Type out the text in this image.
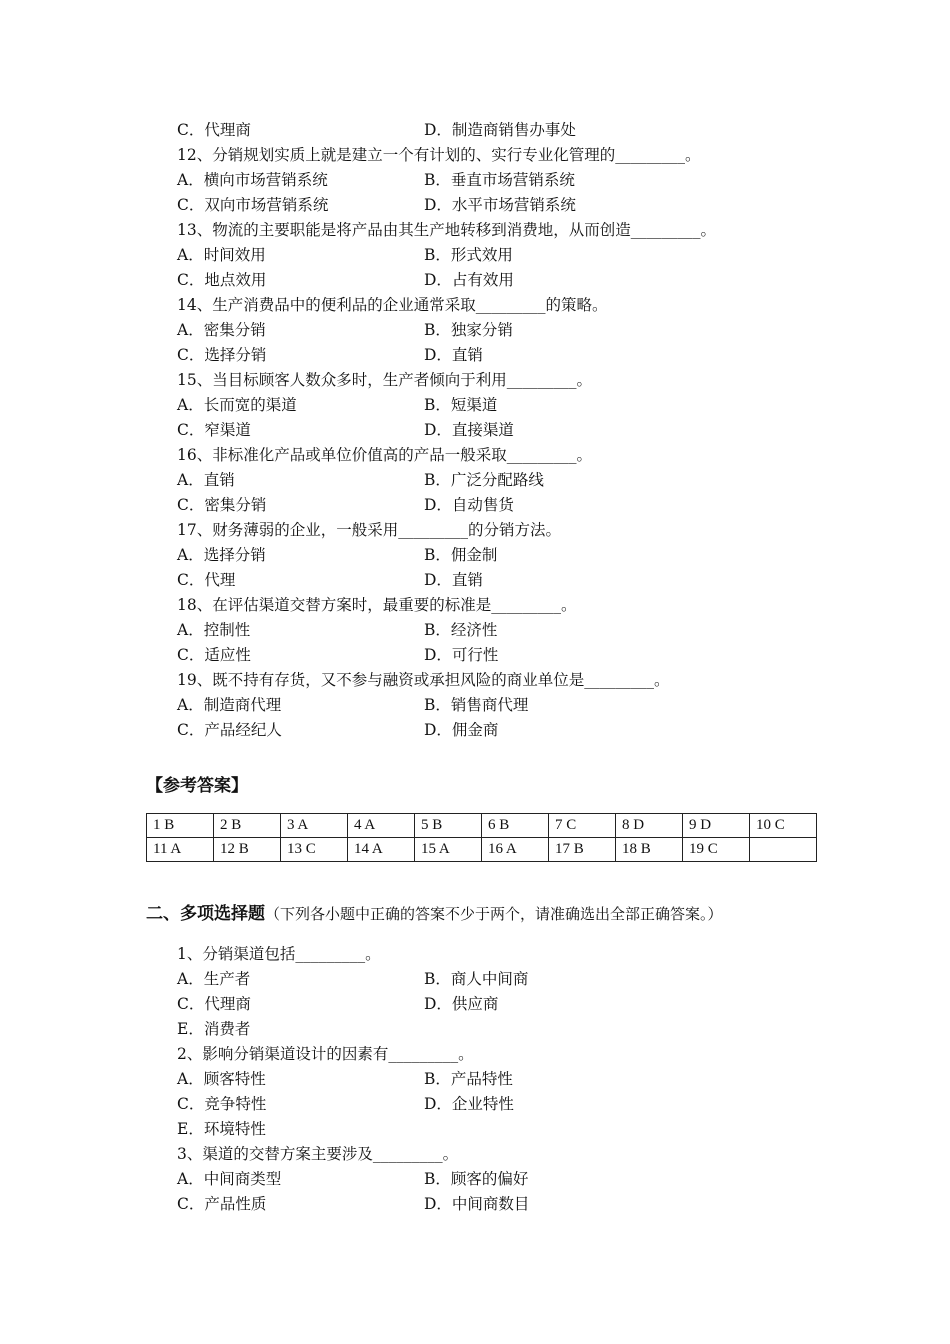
C．代理商	D．制造商销售办事处
12、分销规划实质上就是建立一个有计划的、实行专业化管理的_________。
A．横向市场营销系统	B．垂直市场营销系统
C．双向市场营销系统	D．水平市场营销系统
13、物流的主要职能是将产品由其生产地转移到消费地，从而创造_________。
A．时间效用	B．形式效用
C．地点效用	D．占有效用
14、生产消费品中的便利品的企业通常采取_________的策略。
A．密集分销	B．独家分销
C．选择分销	D．直销
15、当目标顾客人数众多时，生产者倾向于利用_________。
A．长而宽的渠道	B．短渠道
C．窄渠道	D．直接渠道
16、非标准化产品或单位价值高的产品一般采取_________。
A．直销	B．广泛分配路线
C．密集分销	D．自动售货
17、财务薄弱的企业，一般采用_________的分销方法。
A．选择分销	B．佣金制
C．代理	D．直销
18、在评估渠道交替方案时，最重要的标准是_________。
A．控制性	B．经济性
C．适应性	D．可行性
19、既不持有存货，又不参与融资或承担风险的商业单位是_________。
A．制造商代理	B．销售商代理
C．产品经纪人	D．佣金商
【参考答案】
1 B	2 B	3 A	4 A	5 B	6 B	7 C	8 D	9 D	10 C
11 A	12 B	13 C	14 A	15 A	16 A	17 B	18 B	19 C	
二、多项选择题（下列各小题中正确的答案不少于两个，请准确选出全部正确答案。）
1、分销渠道包括_________。
A．生产者	B．商人中间商
C．代理商	D．供应商
E．消费者
2、影响分销渠道设计的因素有_________。
A．顾客特性	B．产品特性
C．竞争特性	D．企业特性
E．环境特性
3、渠道的交替方案主要涉及_________。
A．中间商类型	B．顾客的偏好
C．产品性质	D．中间商数目
